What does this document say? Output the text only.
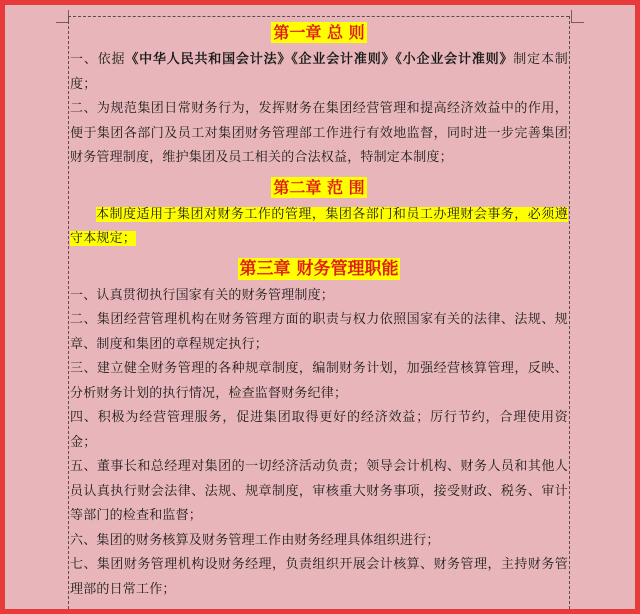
第一章 总 则

一、依据《中华人民共和国会计法》《企业会计准则》《小企业会计准则》制定本制度；

二、为规范集团日常财务行为，发挥财务在集团经营管理和提高经济效益中的作用，便于集团各部门及员工对集团财务管理部工作进行有效地监督，同时进一步完善集团财务管理制度，维护集团及员工相关的合法权益，特制定本制度；

第二章 范 围

本制度适用于集团对财务工作的管理，集团各部门和员工办理财会事务，必须遵守本规定；

第三章 财务管理职能

一、认真贯彻执行国家有关的财务管理制度；

二、集团经营管理机构在财务管理方面的职责与权力依照国家有关的法律、法规、规章、制度和集团的章程规定执行；

三、建立健全财务管理的各种规章制度，编制财务计划，加强经营核算管理，反映、分析财务计划的执行情况，检查监督财务纪律；

四、积极为经营管理服务，促进集团取得更好的经济效益；厉行节约，合理使用资金；

五、董事长和总经理对集团的一切经济活动负责；领导会计机构、财务人员和其他人员认真执行财会法律、法规、规章制度，审核重大财务事项，接受财政、税务、审计等部门的检查和监督；

六、集团的财务核算及财务管理工作由财务经理具体组织进行；

七、集团财务管理机构设财务经理，负责组织开展会计核算、财务管理，主持财务管理部的日常工作；
